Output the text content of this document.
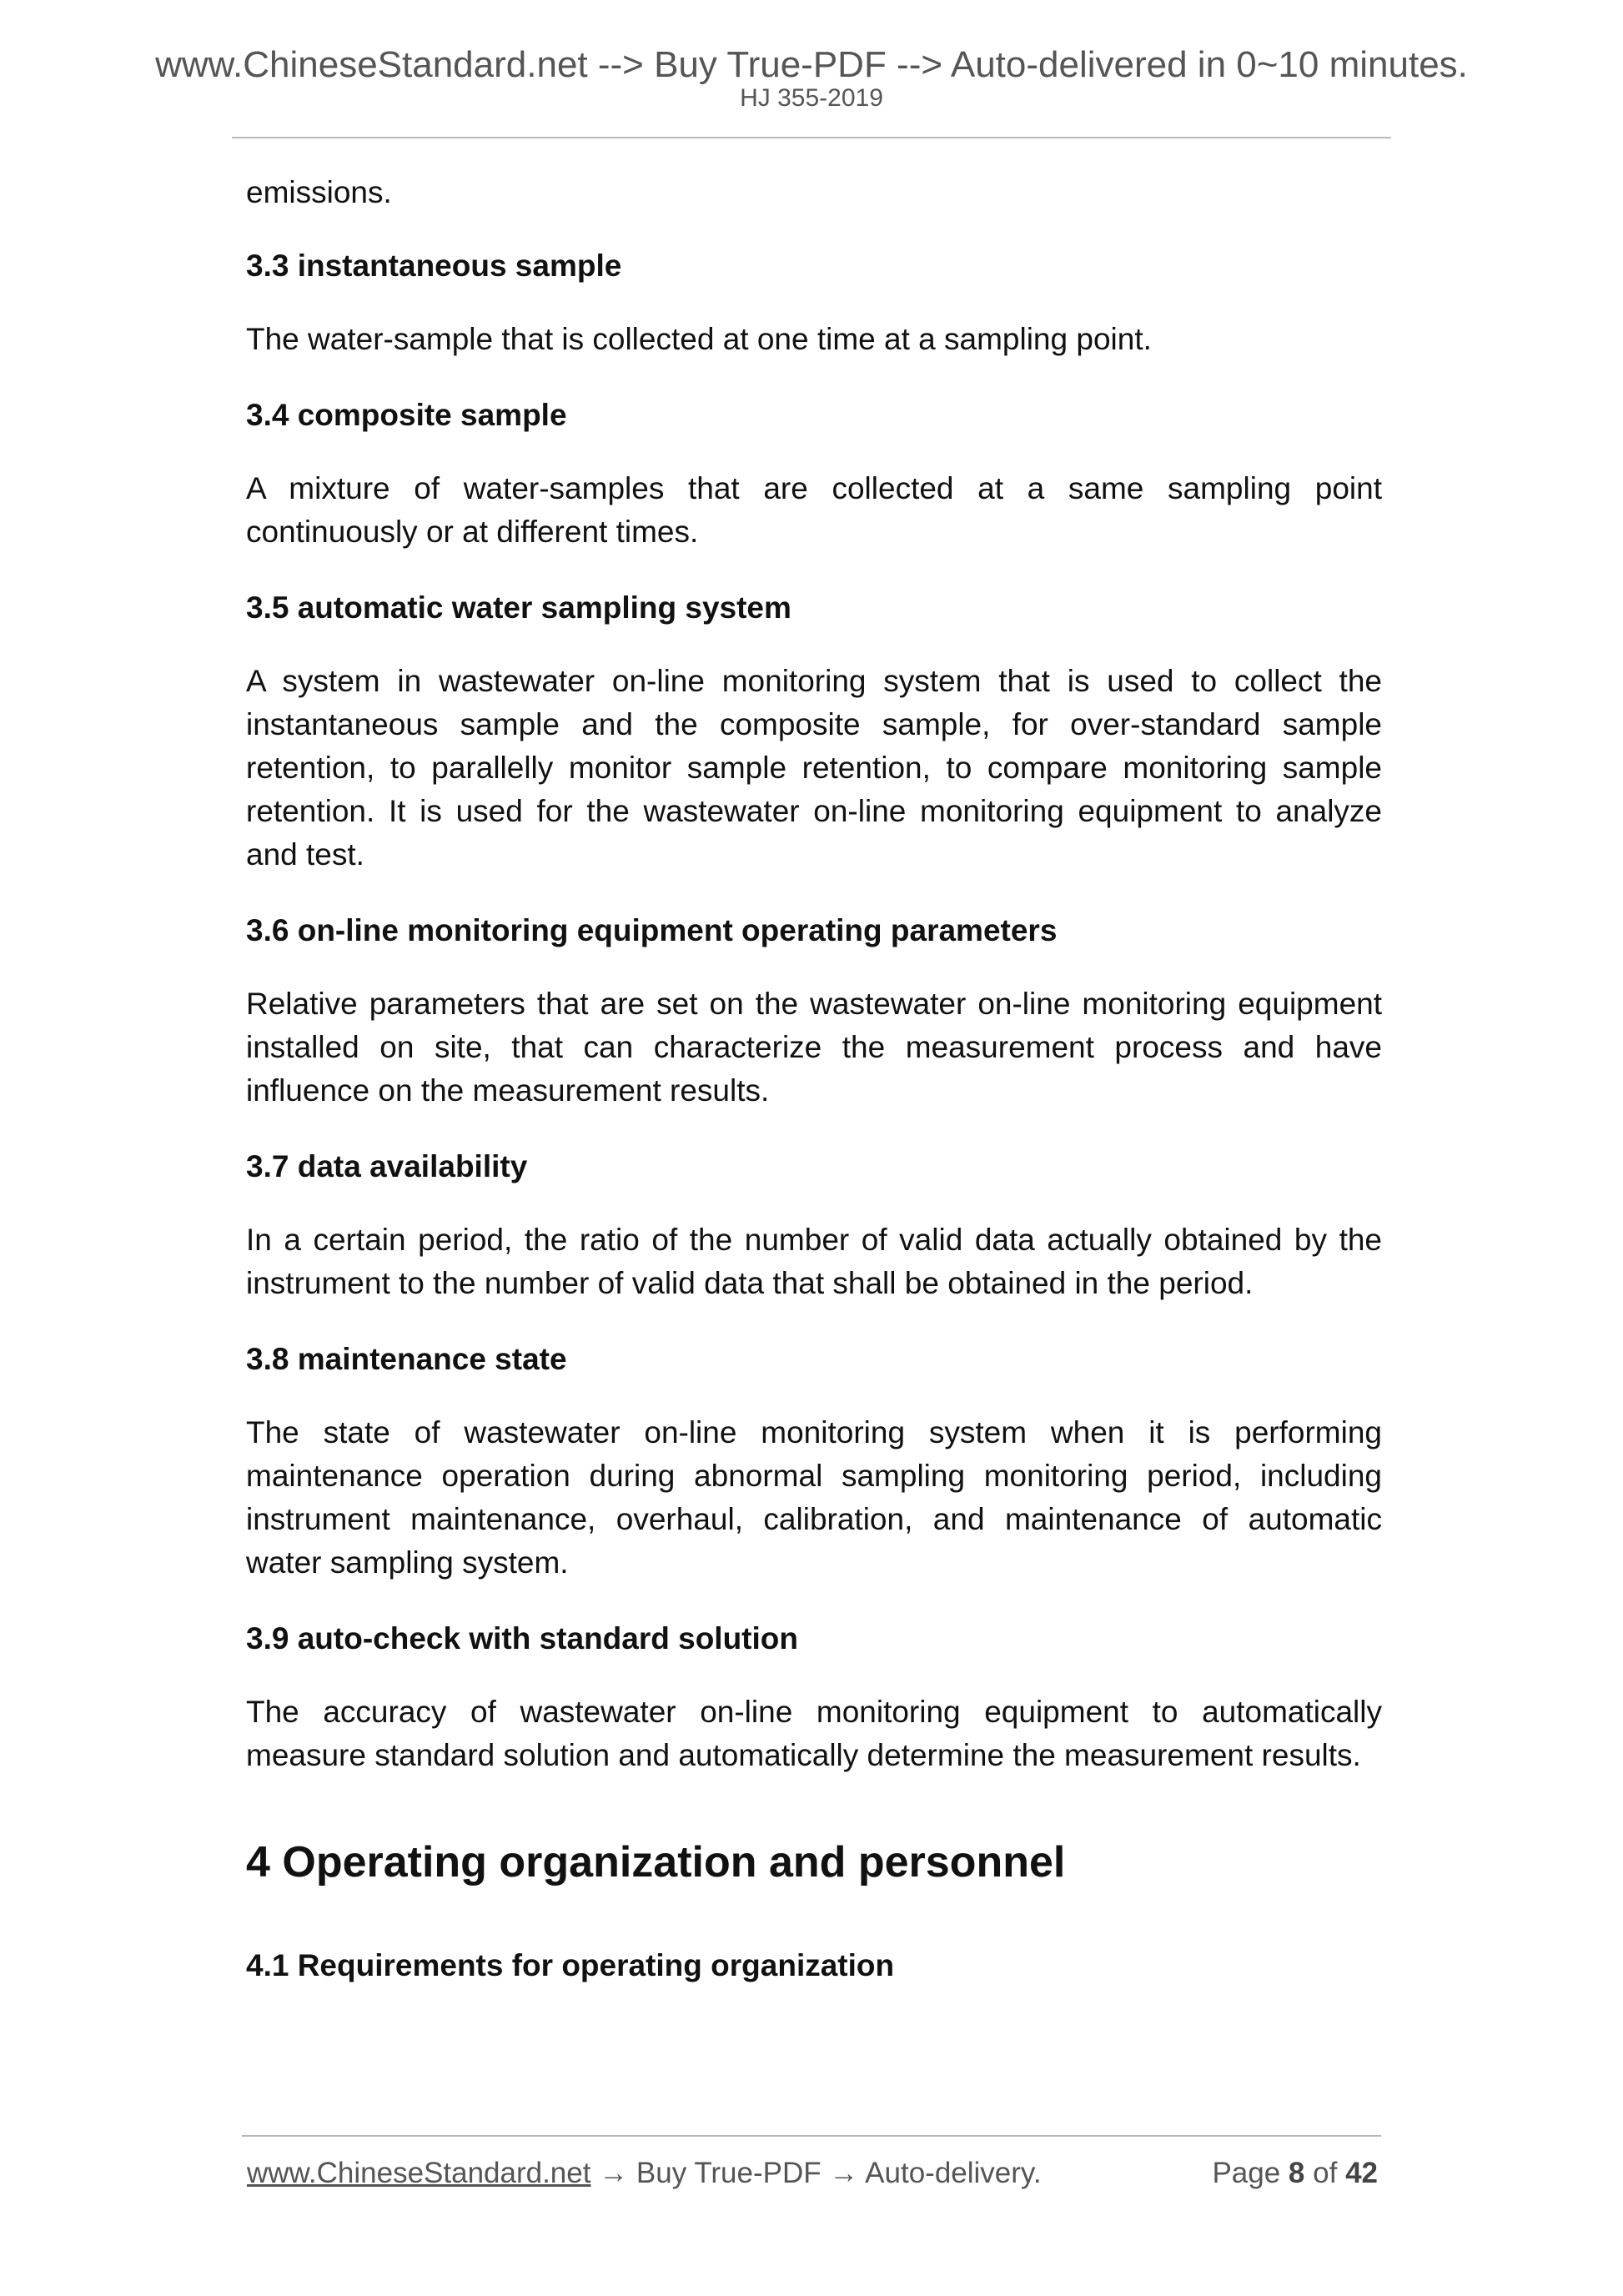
www.ChineseStandard.net --> Buy True-PDF --> Auto-delivered in 0~10 minutes.
HJ 355-2019

emissions.

3.3 instantaneous sample

The water-sample that is collected at one time at a sampling point.

3.4 composite sample

A mixture of water-samples that are collected at a same sampling point continuously or at different times.

3.5 automatic water sampling system

A system in wastewater on-line monitoring system that is used to collect the instantaneous sample and the composite sample, for over-standard sample retention, to parallelly monitor sample retention, to compare monitoring sample retention. It is used for the wastewater on-line monitoring equipment to analyze and test.

3.6 on-line monitoring equipment operating parameters

Relative parameters that are set on the wastewater on-line monitoring equipment installed on site, that can characterize the measurement process and have influence on the measurement results.

3.7 data availability

In a certain period, the ratio of the number of valid data actually obtained by the instrument to the number of valid data that shall be obtained in the period.

3.8 maintenance state

The state of wastewater on-line monitoring system when it is performing maintenance operation during abnormal sampling monitoring period, including instrument maintenance, overhaul, calibration, and maintenance of automatic water sampling system.

3.9 auto-check with standard solution

The accuracy of wastewater on-line monitoring equipment to automatically measure standard solution and automatically determine the measurement results.

4 Operating organization and personnel
4.1 Requirements for operating organization
www.ChineseStandard.net → Buy True-PDF → Auto-delivery.	Page 8 of 42
